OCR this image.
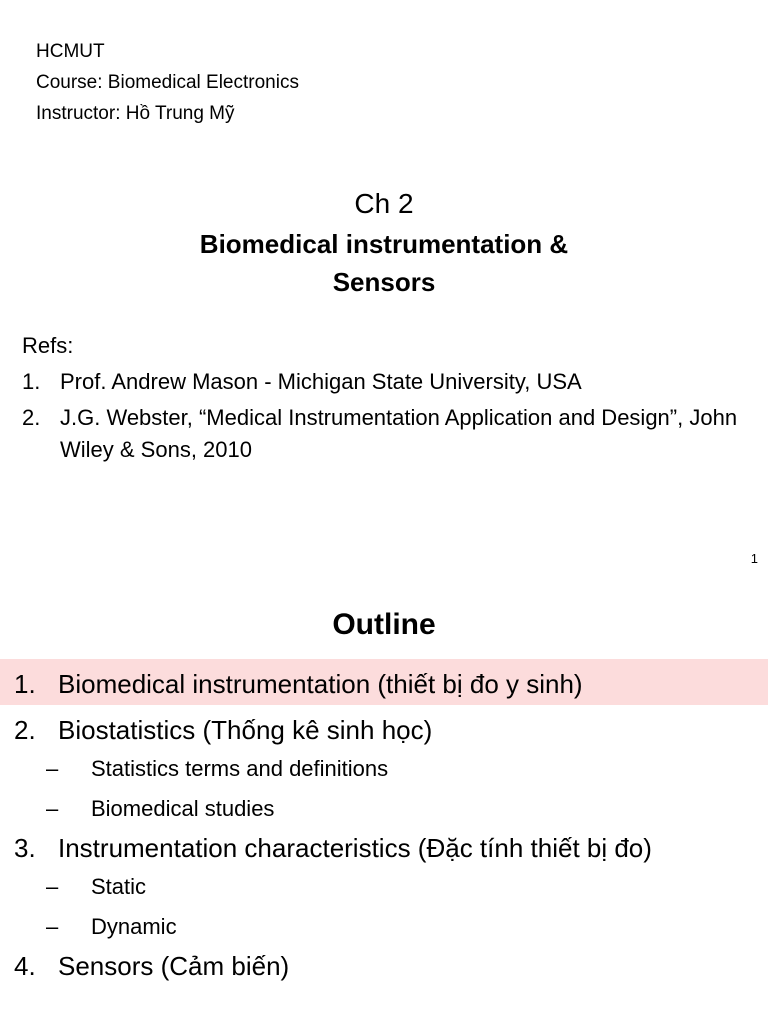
HCMUT
Course: Biomedical Electronics
Instructor: Hồ Trung Mỹ
Ch 2
Biomedical instrumentation &
Sensors
Refs:
1. Prof. Andrew Mason - Michigan State University, USA
2. J.G. Webster, “Medical Instrumentation Application and Design”, John Wiley & Sons, 2010
1
Outline
1. Biomedical instrumentation (thiết bị đo y sinh)
2. Biostatistics (Thống kê sinh học)
–	Statistics terms and definitions
–	Biomedical studies
3. Instrumentation characteristics (Đặc tính thiết bị đo)
–	Static
–	Dynamic
4. Sensors (Cảm biến)
